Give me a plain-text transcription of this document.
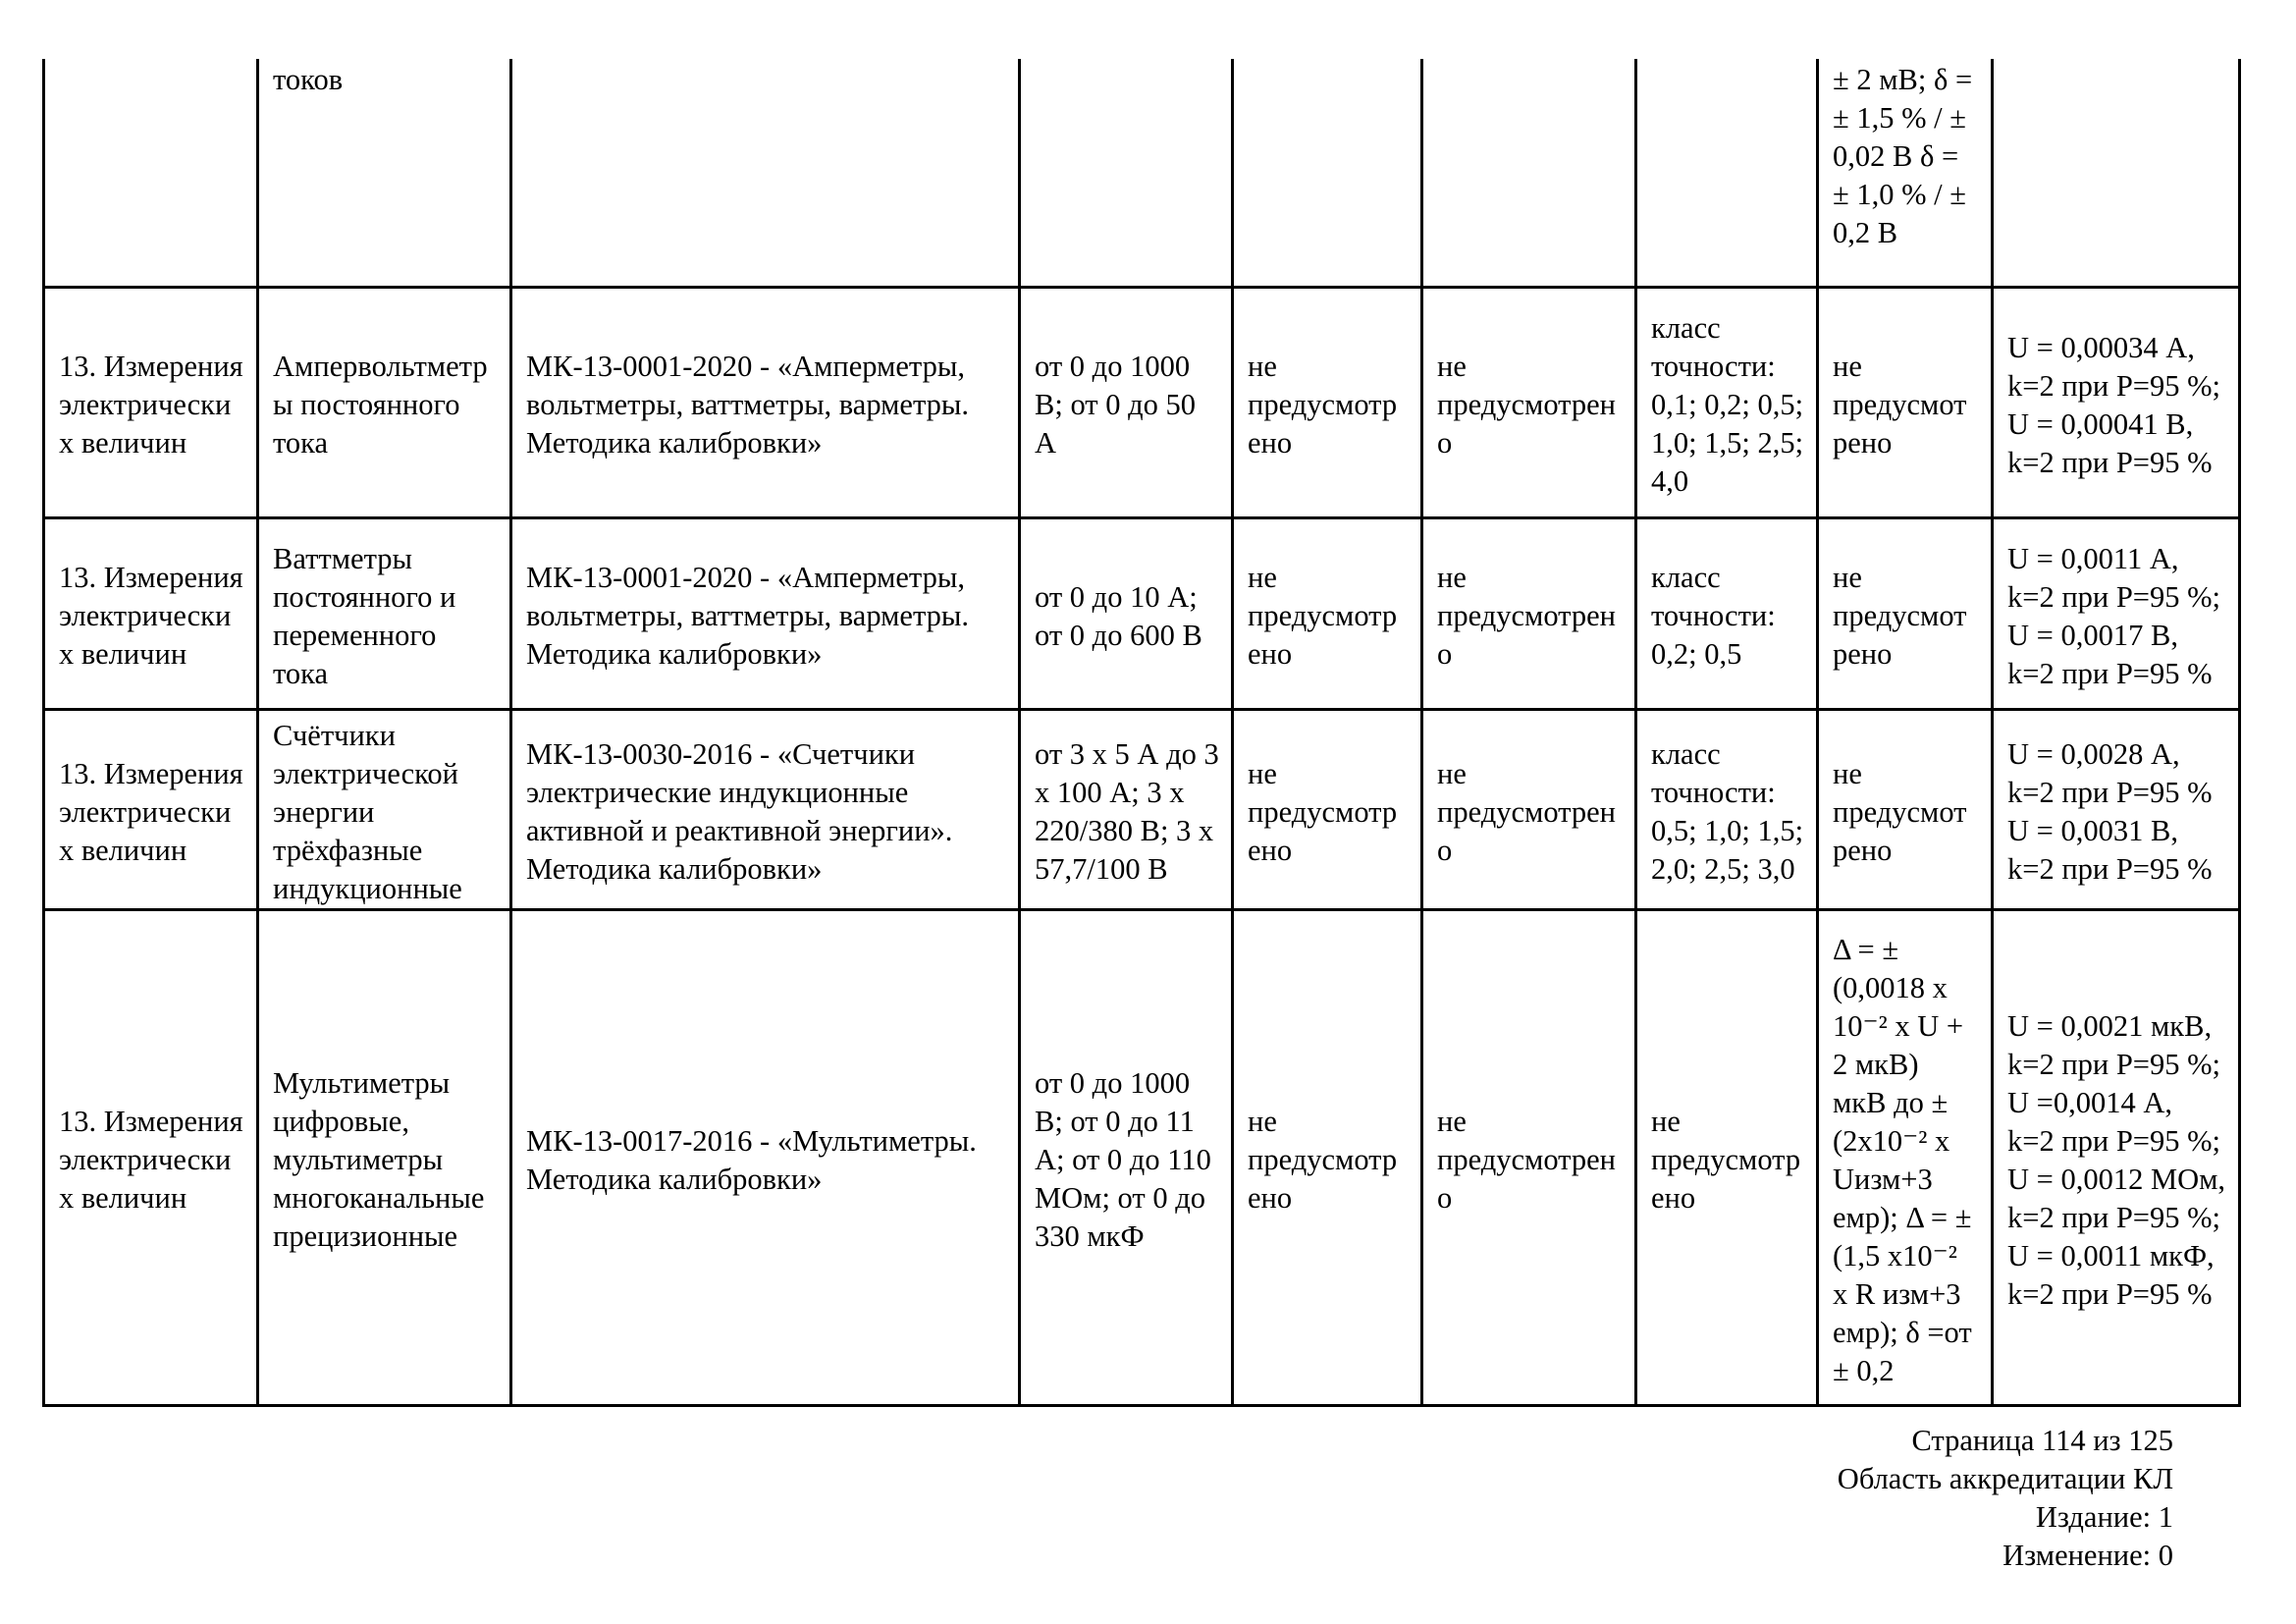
	токов						± 2 мВ; δ = ± 1,5 % / ± 0,02 В δ = ± 1,0 % / ± 0,2 В	

13. Измерения электрических величин	Ампервольтметры постоянного тока	МК-13-0001-2020 - «Амперметры, вольтметры, ваттметры, варметры. Методика калибровки»	от 0 до 1000 В; от 0 до 50 А	не предусмотрено	не предусмотрено	класс точности: 0,1; 0,2; 0,5; 1,0; 1,5; 2,5; 4,0	не предусмотрено	U = 0,00034 А, k=2 при P=95 %; U = 0,00041 В, k=2 при P=95 %

13. Измерения электрических величин	Ваттметры постоянного и переменного тока	МК-13-0001-2020 - «Амперметры, вольтметры, ваттметры, варметры. Методика калибровки»	от 0 до 10 А; от 0 до 600 В	не предусмотрено	не предусмотрено	класс точности: 0,2; 0,5	не предусмотрено	U = 0,0011 А, k=2 при P=95 %; U = 0,0017 В, k=2 при P=95 %

13. Измерения электрических величин	Счётчики электрической энергии трёхфазные индукционные	МК-13-0030-2016 - «Счетчики электрические индукционные активной и реактивной энергии». Методика калибровки»	от 3 x 5 А до 3 x 100 А; 3 x 220/380 В; 3 x 57,7/100 В	не предусмотрено	не предусмотрено	класс точности: 0,5; 1,0; 1,5; 2,0; 2,5; 3,0	не предусмотрено	U = 0,0028 А, k=2 при P=95 % U = 0,0031 В, k=2 при P=95 %

13. Измерения электрических величин	Мультиметры цифровые, мультиметры многоканальные прецизионные	МК-13-0017-2016 - «Мультиметры. Методика калибровки»	от 0 до 1000 В; от 0 до 11 А; от 0 до 110 МОм; от 0 до 330 мкФ	не предусмотрено	не предусмотрено	не предусмотрено	Δ = ± (0,0018 x 10⁻² x U + 2 мкВ) мкВ до ± (2x10⁻² x Uизм+3 емр); Δ = ± (1,5 x10⁻² x R изм+3 емр); δ =от ± 0,2	U = 0,0021 мкВ, k=2 при P=95 %; U =0,0014 А, k=2 при P=95 %; U = 0,0012 МОм, k=2 при P=95 %; U = 0,0011 мкФ, k=2 при P=95 %
Страница 114 из 125
Область аккредитации КЛ
Издание: 1
Изменение: 0
